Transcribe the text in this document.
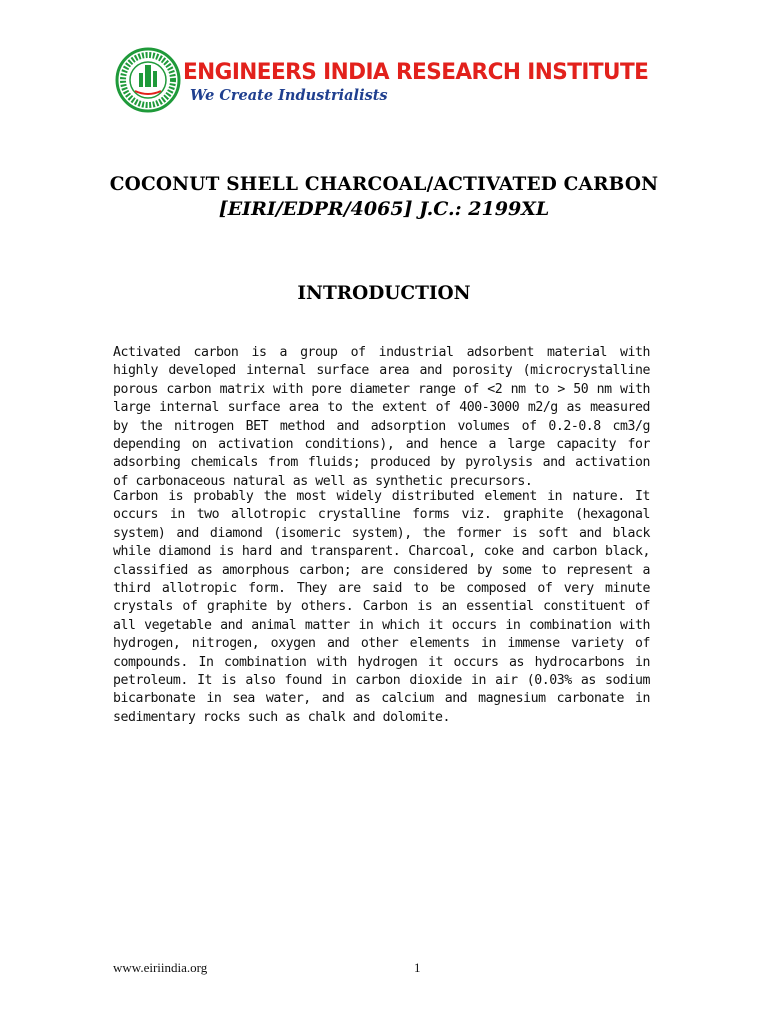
ENGINEERS INDIA RESEARCH INSTITUTE
We Create Industrialists
COCONUT SHELL CHARCOAL/ACTIVATED CARBON
[EIRI/EDPR/4065] J.C.: 2199XL
INTRODUCTION

Activated carbon is a group of industrial adsorbent material with highly developed internal surface area and porosity (microcrystalline porous carbon matrix with pore diameter range of <2 nm to > 50 nm with large internal surface area to the extent of 400-3000 m2/g as measured by the nitrogen BET method and adsorption volumes of 0.2-0.8 cm3/g depending on activation conditions), and hence a large capacity for adsorbing chemicals from fluids; produced by pyrolysis and activation of carbonaceous natural as well as synthetic precursors.

Carbon is probably the most widely distributed element in nature. It occurs in two allotropic crystalline forms viz. graphite (hexagonal system) and diamond (isomeric system), the former is soft and black while diamond is hard and transparent. Charcoal, coke and carbon black, classified as amorphous carbon; are considered by some to represent a third allotropic form. They are said to be composed of very minute crystals of graphite by others. Carbon is an essential constituent of all vegetable and animal matter in which it occurs in combination with hydrogen, nitrogen, oxygen and other elements in immense variety of compounds. In combination with hydrogen it occurs as hydrocarbons in petroleum. It is also found in carbon dioxide in air (0.03% as sodium bicarbonate in sea water, and as calcium and magnesium carbonate in sedimentary rocks such as chalk and dolomite.

www.eiriindia.org	1
